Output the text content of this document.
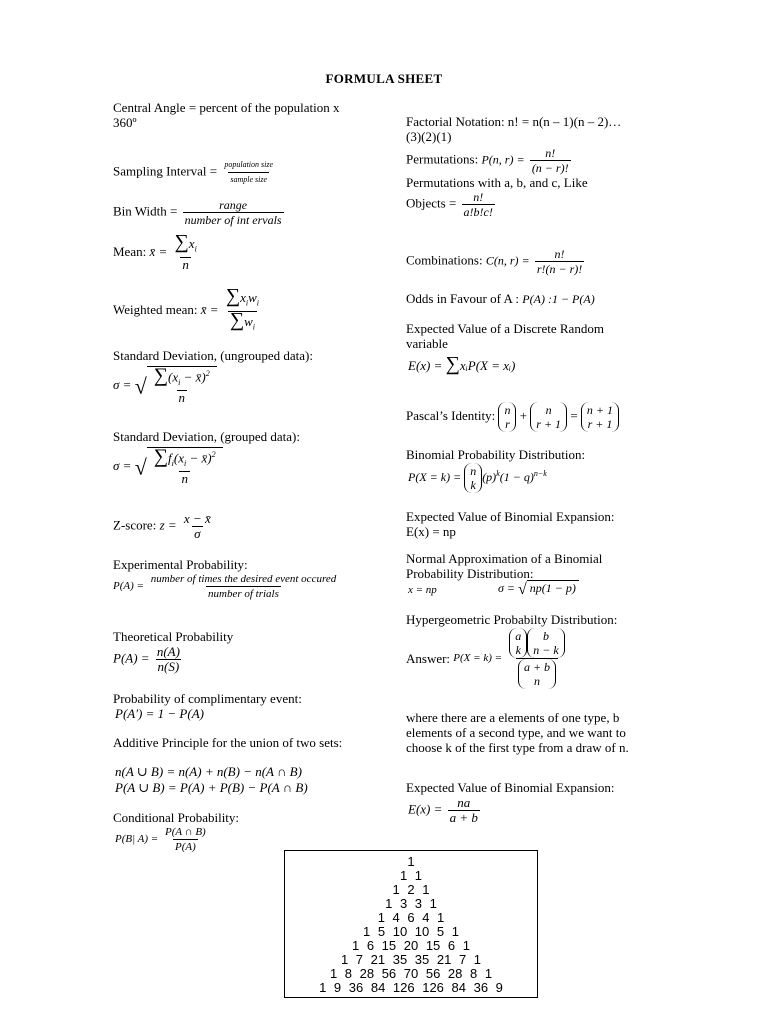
FORMULA SHEET
Central Angle = percent of the population x 360º
Sampling Interval = $\frac{\text{population size}}{\text{sample size}}$
Bin Width = $\frac{\text{range}}{\text{number of int ervals}}$
Mean: x̄ = $\frac{\sum x_i}{n}$
Weighted mean: x̄ = $\frac{\sum x_iw_i}{\sum w_i}$
Standard Deviation, (ungrouped data):
σ = √ $\frac{\sum(x_i - x̄)^2}{n}$
Standard Deviation, (grouped data):
σ = √ $\frac{\sum f_i(x_i - x̄)^2}{n}$
Z-score: $z = \frac{x - x̄}{\sigma}$
Experimental Probability:
$P(A) = \frac{\text{number of times the desired event occured}}{\text{number of trials}}$
Theoretical Probability
$P(A) = \frac{n(A)}{n(S)}$
Probability of complimentary event:
P(A′) = 1 − P(A)
Additive Principle for the union of two sets:
n(A ∪ B) = n(A) + n(B) − n(A ∩ B)
P(A ∪ B) = P(A) + P(B) − P(A ∩ B)
Conditional Probability:
P(B| $A) = \frac{P(A \cap B)}{P(A)}$
Factorial Notation: n! = n(n – 1)(n – 2)… (3)(2)(1)
Permutations: P(n, $r) = \frac{n!}{(n - r)!}$
Permutations with a, b, and c, Like
Objects = $\frac{n!}{a!b!c!}$
Combinations: C(n, $r) = \frac{n!}{r!(n - r)!}$
Odds in Favour of A : P(A) :1 − P(A)
Expected Value of a Discrete Random variable
E(x) = ∑xᵢP(X = xᵢ)
Pascal’s Identity: n
r
+ n
r + 1
= n + 1
r + 1
Binomial Probability Distribution:
P(X = k) = n
k
$(p)^k(1 - q)^{n-k}$
Expected Value of Binomial Expansion:
E(x) = np
Normal Approximation of a Binomial Probability Distribution:
x = np	σ = √ np(1 − p)
Hypergeometric Probabilty Distribution:
Answer: P(X = k) = a
k
b
n − k
a + b
n
where there are a elements of one type, b elements of a second type, and we want to choose k of the first type from a draw of n.
Expected Value of Binomial Expansion:
$E(x) = \frac{na}{a + b}$
1
1 1
1 2 1
1 3 3 1
1 4 6 4 1
1 5 10 10 5 1
1 6 15 20 15 6 1
1 7 21 35 35 21 7 1
1 8 28 56 70 56 28 8 1
1 9 36 84 126 126 84 36 9
